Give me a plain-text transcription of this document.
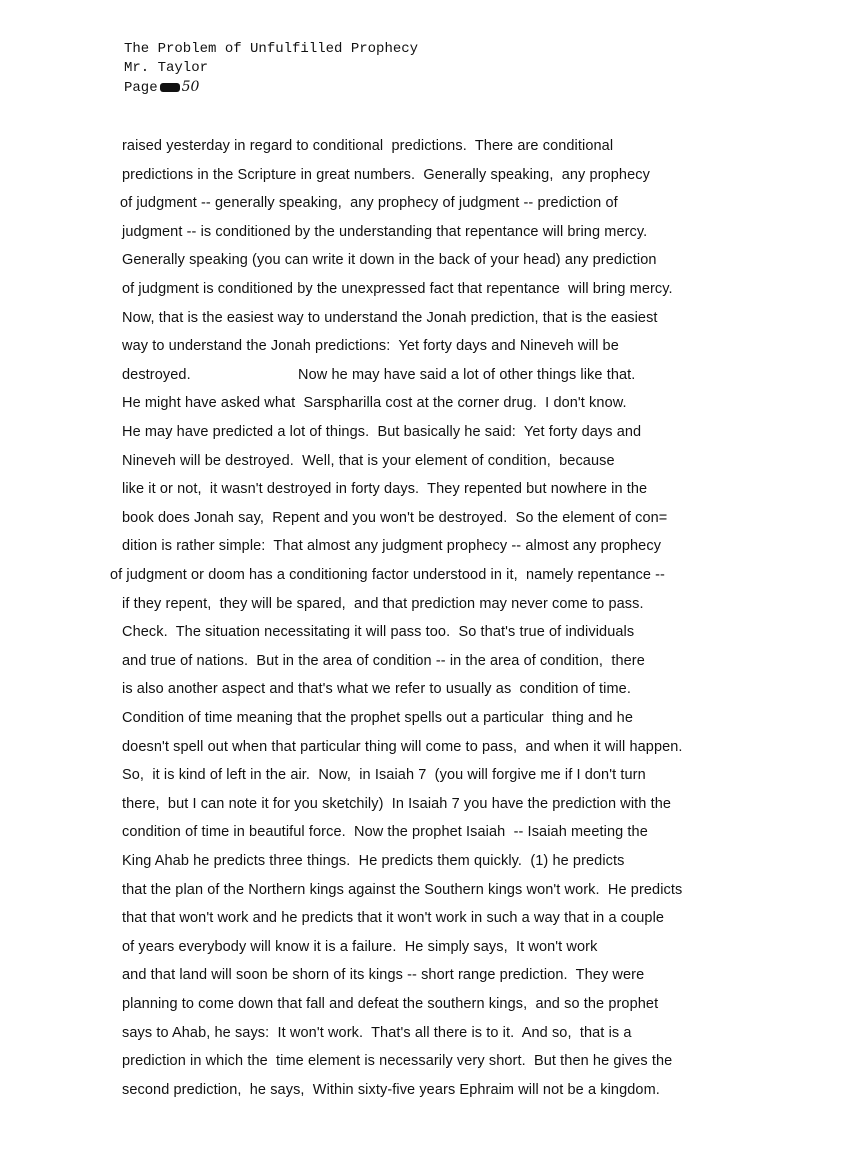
The Problem of Unfulfilled Prophecy
Mr. Taylor
Page 50
raised yesterday in regard to conditional  predictions.  There are conditional
predictions in the Scripture in great numbers.  Generally speaking,  any prophecy
of judgment -- generally speaking,  any prophecy of judgment -- prediction of
judgment -- is conditioned by the understanding that repentance will bring mercy.
Generally speaking (you can write it down in the back of your head) any prediction
of judgment is conditioned by the unexpressed fact that repentance  will bring mercy.
Now, that is the easiest way to understand the Jonah prediction, that is the easiest
way to understand the Jonah predictions:  Yet forty days and Nineveh will be
destroyed.                          Now he may have said a lot of other things like that.
He might have asked what  Sarspharilla cost at the corner drug.  I don't know.
He may have predicted a lot of things.  But basically he said:  Yet forty days and
Nineveh will be destroyed.  Well, that is your element of condition,  because
like it or not,  it wasn't destroyed in forty days.  They repented but nowhere in the
book does Jonah say,  Repent and you won't be destroyed.  So the element of con=
dition is rather simple:  That almost any judgment prophecy -- almost any prophecy
of judgment or doom has a conditioning factor understood in it,  namely repentance --
if they repent,  they will be spared,  and that prediction may never come to pass.
Check.  The situation necessitating it will pass too.  So that's true of individuals
and true of nations.  But in the area of condition -- in the area of condition,  there
is also another aspect and that's what we refer to usually as  condition of time.
Condition of time meaning that the prophet spells out a particular  thing and he
doesn't spell out when that particular thing will come to pass,  and when it will happen.
So,  it is kind of left in the air.  Now,  in Isaiah 7  (you will forgive me if I don't turn
there,  but I can note it for you sketchily)  In Isaiah 7 you have the prediction with the
condition of time in beautiful force.  Now the prophet Isaiah  -- Isaiah meeting the
King Ahab he predicts three things.  He predicts them quickly.  (1) he predicts
that the plan of the Northern kings against the Southern kings won't work.  He predicts
that that won't work and he predicts that it won't work in such a way that in a couple
of years everybody will know it is a failure.  He simply says,  It won't work
and that land will soon be shorn of its kings -- short range prediction.  They were
planning to come down that fall and defeat the southern kings,  and so the prophet
says to Ahab, he says:  It won't work.  That's all there is to it.  And so,  that is a
prediction in which the  time element is necessarily very short.  But then he gives the
second prediction,  he says,  Within sixty-five years Ephraim will not be a kingdom.
